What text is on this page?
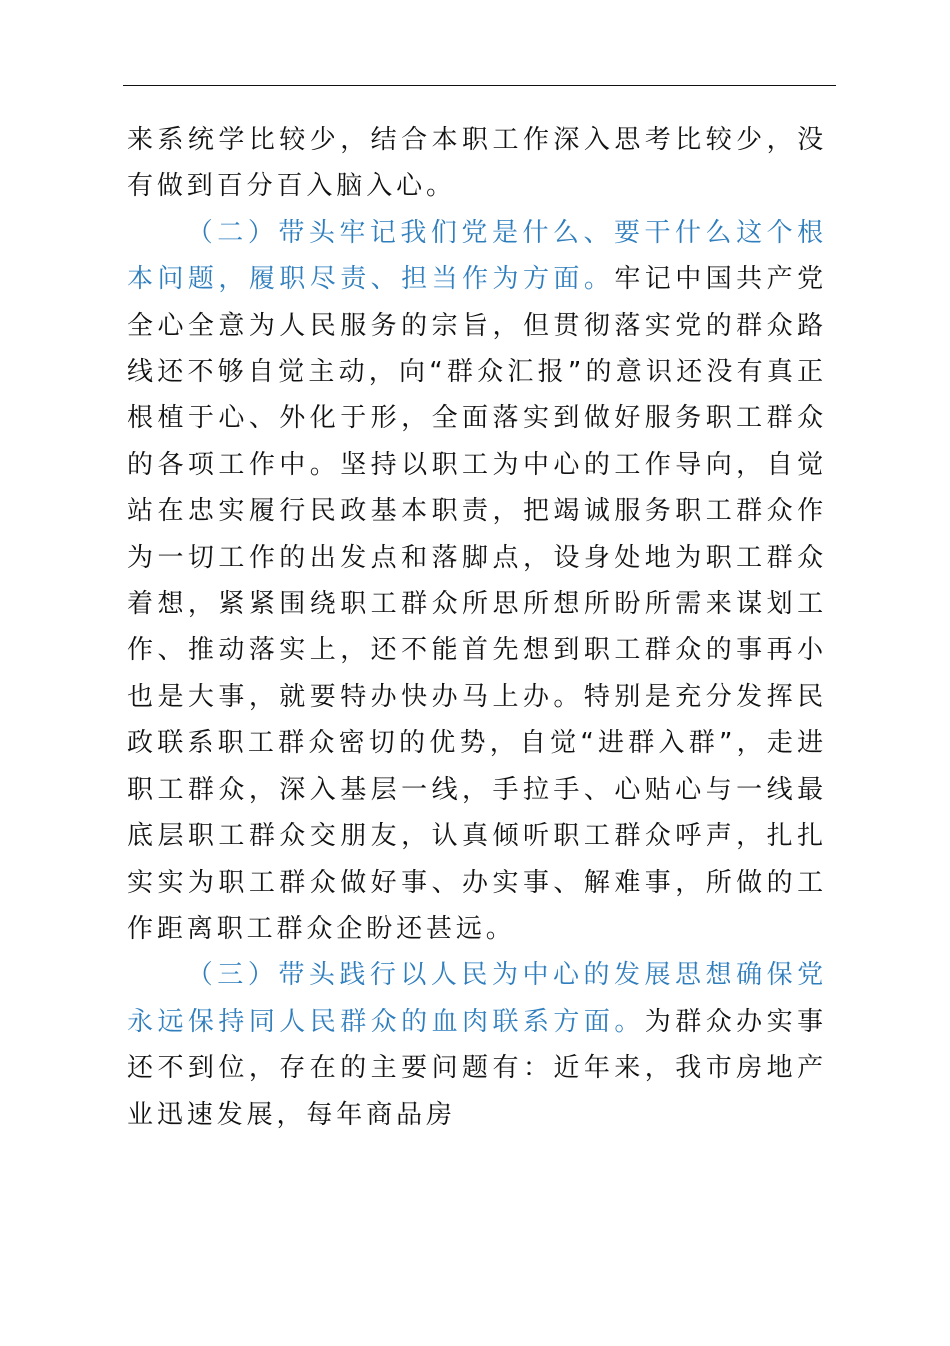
来系统学比较少，结合本职工作深入思考比较少，没有做到百分百入脑入心。

（二）带头牢记我们党是什么、要干什么这个根本问题，履职尽责、担当作为方面。牢记中国共产党全心全意为人民服务的宗旨，但贯彻落实党的群众路线还不够自觉主动，向“群众汇报”的意识还没有真正根植于心、外化于形，全面落实到做好服务职工群众的各项工作中。坚持以职工为中心的工作导向，自觉站在忠实履行民政基本职责，把竭诚服务职工群众作为一切工作的出发点和落脚点，设身处地为职工群众着想，紧紧围绕职工群众所思所想所盼所需来谋划工作、推动落实上，还不能首先想到职工群众的事再小也是大事，就要特办快办马上办。特别是充分发挥民政联系职工群众密切的优势，自觉“进群入群”，走进职工群众，深入基层一线，手拉手、心贴心与一线最底层职工群众交朋友，认真倾听职工群众呼声，扎扎实实为职工群众做好事、办实事、解难事，所做的工作距离职工群众企盼还甚远。

（三）带头践行以人民为中心的发展思想确保党永远保持同人民群众的血肉联系方面。为群众办实事还不到位，存在的主要问题有：近年来，我市房地产业迅速发展，每年商品房
